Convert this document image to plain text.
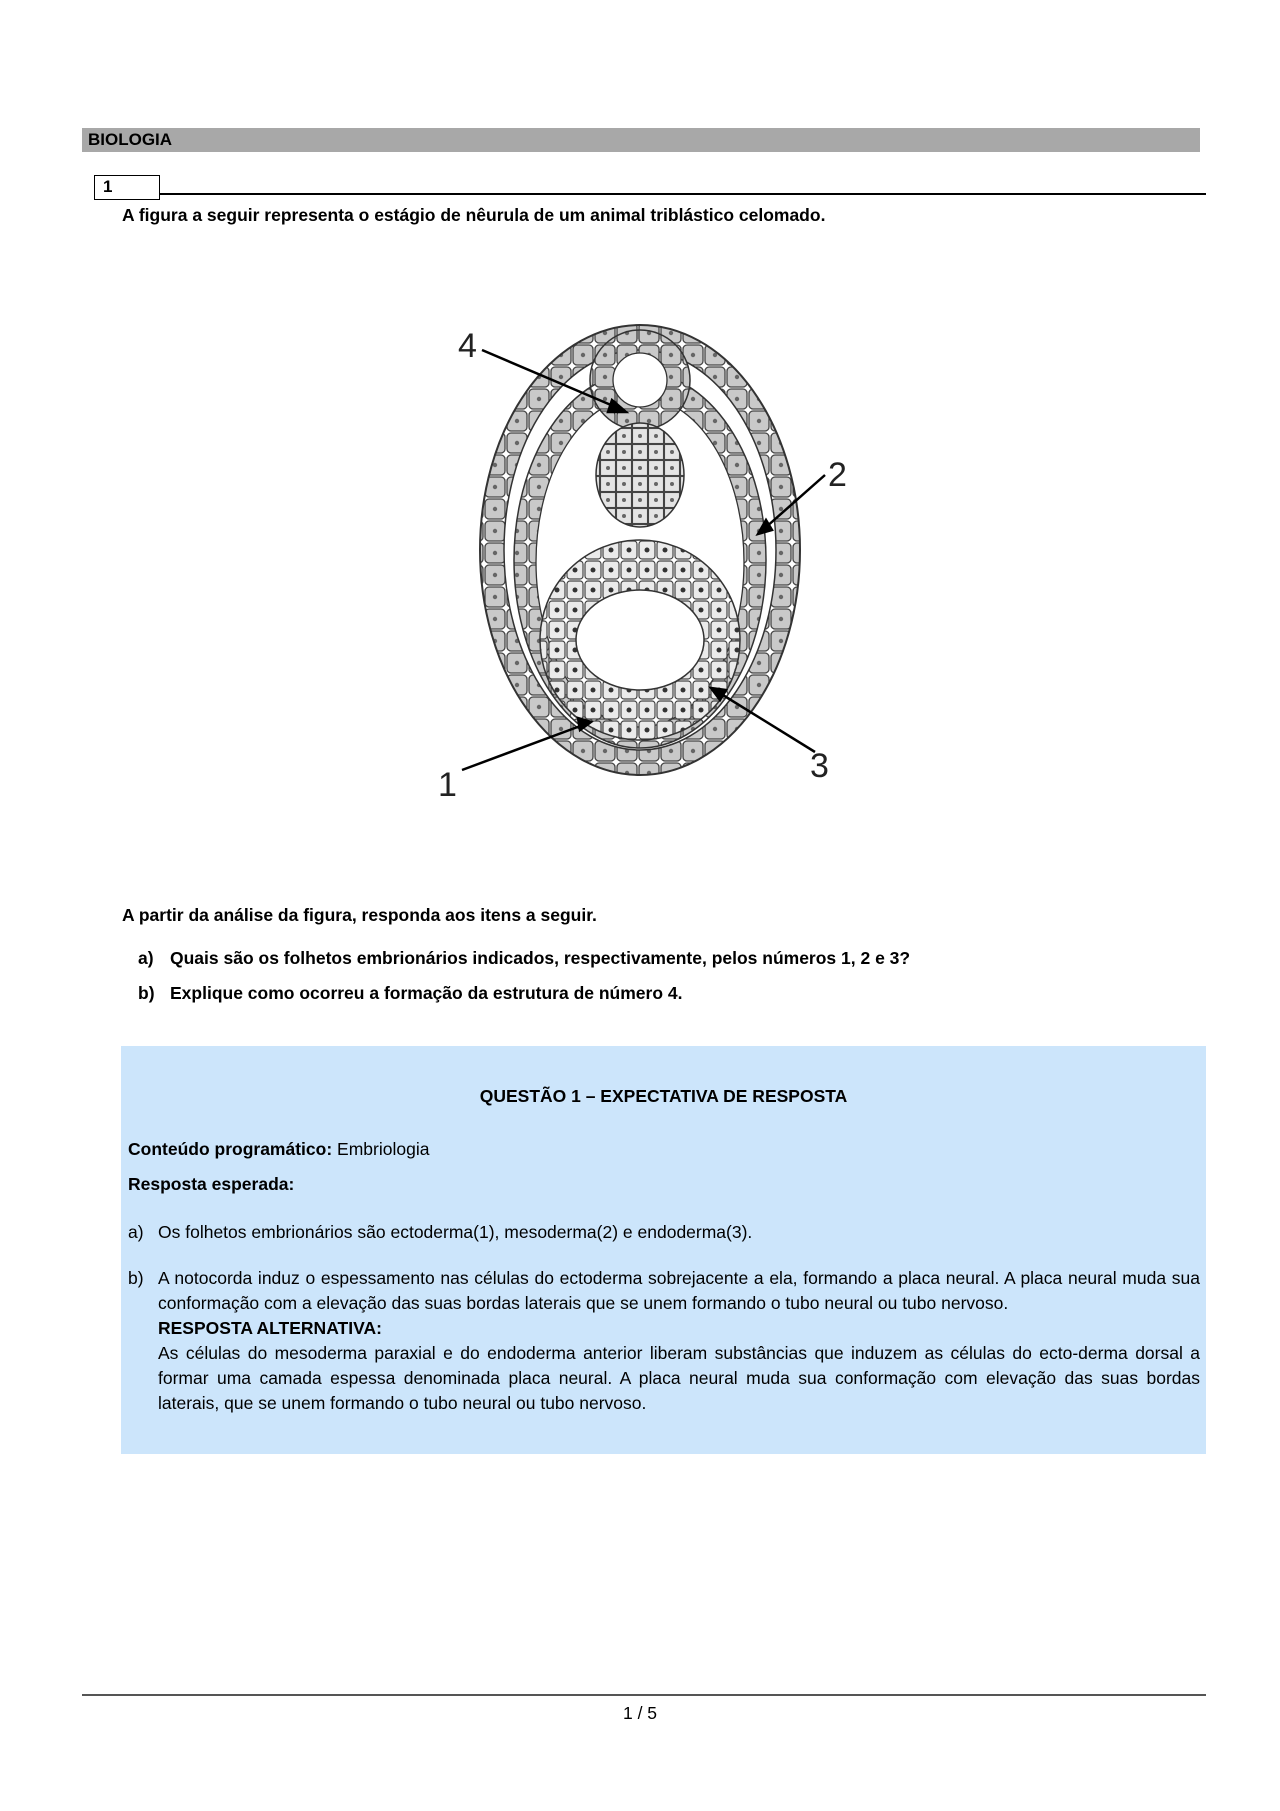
BIOLOGIA
1
A figura a seguir representa o estágio de nêurula de um animal triblástico celomado.
4
2
3
1
A partir da análise da figura, responda aos itens a seguir.
a) Quais são os folhetos embrionários indicados, respectivamente, pelos números 1, 2 e 3?
b) Explique como ocorreu a formação da estrutura de número 4.
QUESTÃO 1 – EXPECTATIVA DE RESPOSTA
Conteúdo programático: Embriologia
Resposta esperada:
a) Os folhetos embrionários são ectoderma(1), mesoderma(2) e endoderma(3).
b) A notocorda induz o espessamento nas células do ectoderma sobrejacente a ela, formando a placa neural. A placa neural muda sua conformação com a elevação das suas bordas laterais que se unem formando o tubo neural ou tubo nervoso.
RESPOSTA ALTERNATIVA:
As células do mesoderma paraxial e do endoderma anterior liberam substâncias que induzem as células do ecto-derma dorsal a formar uma camada espessa denominada placa neural. A placa neural muda sua conformação com elevação das suas bordas laterais, que se unem formando o tubo neural ou tubo nervoso.
1 / 5
